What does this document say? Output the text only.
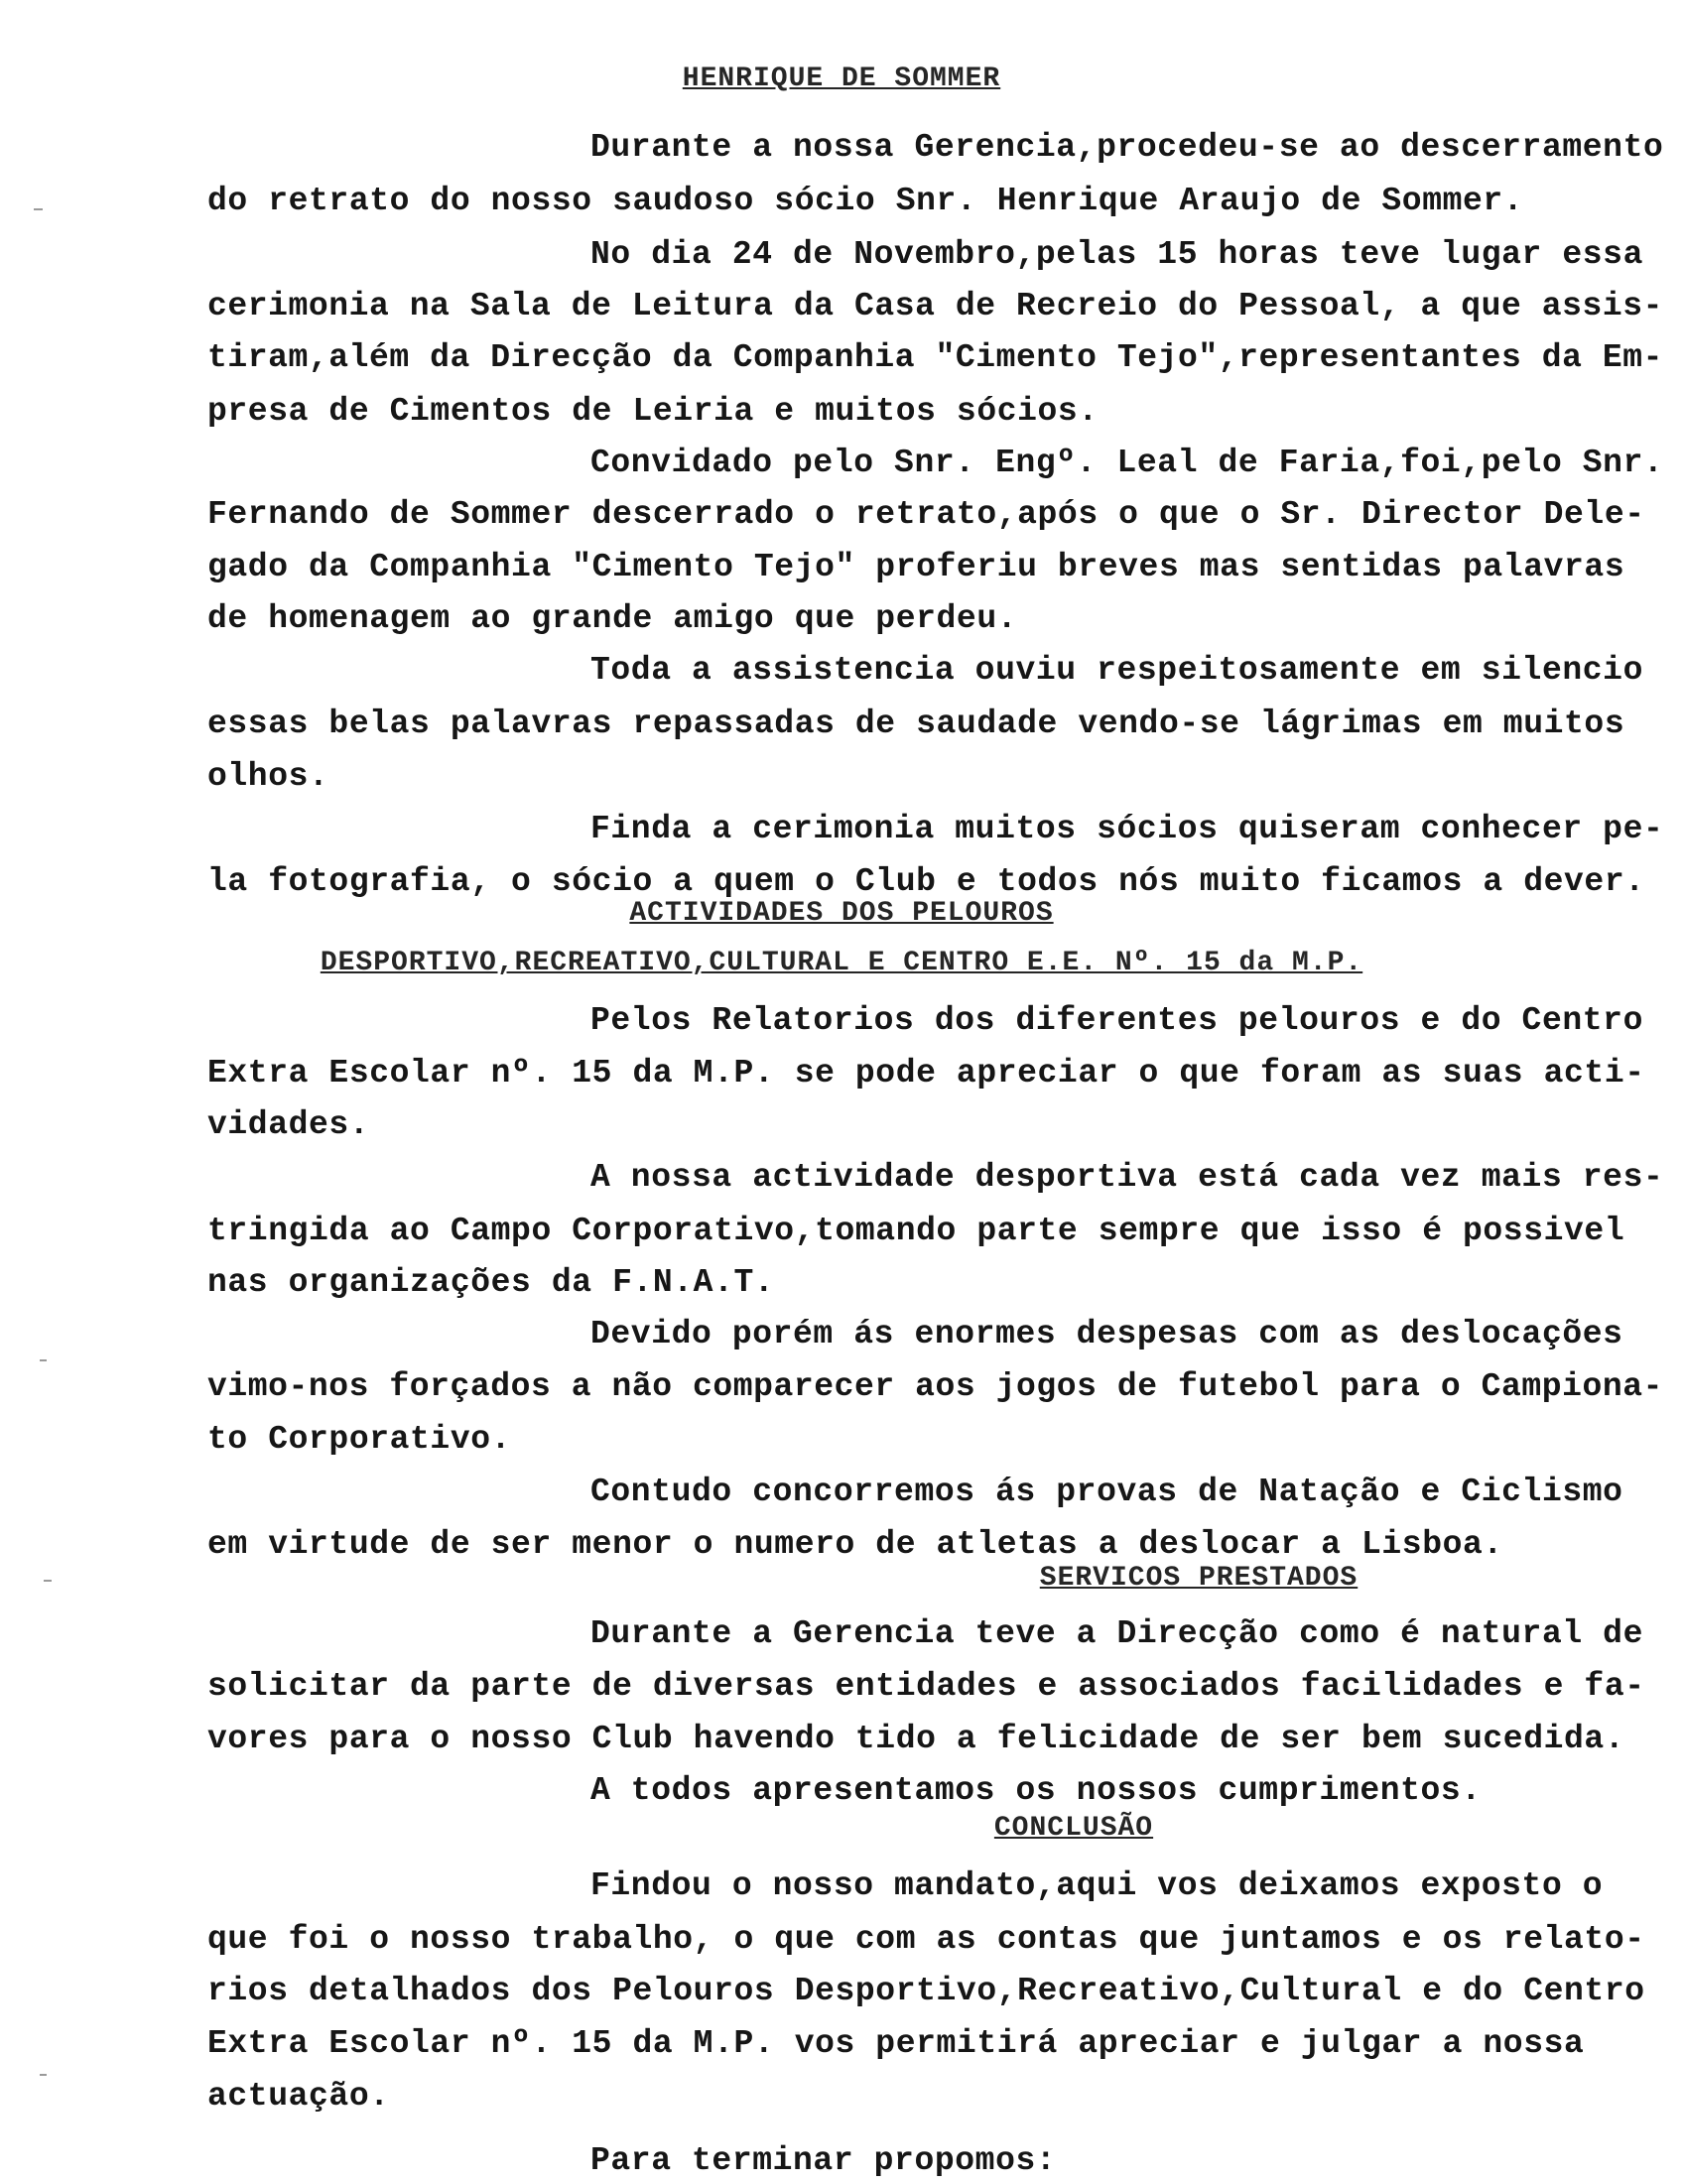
HENRIQUE DE SOMMER
Durante a nossa Gerencia,procedeu-se ao descerramento
do retrato do nosso saudoso sócio Snr. Henrique Araujo de Sommer.
No dia 24 de Novembro,pelas 15 horas teve lugar essa
cerimonia na Sala de Leitura da Casa de Recreio do Pessoal, a que assis-
tiram,além da Direcção da Companhia "Cimento Tejo",representantes da Em-
presa de Cimentos de Leiria e muitos sócios.
Convidado pelo Snr. Engº. Leal de Faria,foi,pelo Snr.
Fernando de Sommer descerrado o retrato,após o que o Sr. Director Dele-
gado da Companhia "Cimento Tejo" proferiu breves mas sentidas palavras
de homenagem ao grande amigo que perdeu.
Toda a assistencia ouviu respeitosamente em silencio
essas belas palavras repassadas de saudade vendo-se lágrimas em muitos
olhos.
Finda a cerimonia muitos sócios quiseram conhecer pe-
la fotografia, o sócio a quem o Club e todos nós muito ficamos a dever.
ACTIVIDADES DOS PELOUROS
DESPORTIVO,RECREATIVO,CULTURAL E CENTRO E.E. Nº. 15 da M.P.
Pelos Relatorios dos diferentes pelouros e do Centro
Extra Escolar nº. 15 da M.P. se pode apreciar o que foram as suas acti-
vidades.
A nossa actividade desportiva está cada vez mais res-
tringida ao Campo Corporativo,tomando parte sempre que isso é possivel
nas organizações da F.N.A.T.
Devido porém ás enormes despesas com as deslocações
vimo-nos forçados a não comparecer aos jogos de futebol para o Campiona-
to Corporativo.
Contudo concorremos ás provas de Natação e Ciclismo
em virtude de ser menor o numero de atletas a deslocar a Lisboa.
SERVICOS PRESTADOS
Durante a Gerencia teve a Direcção como é natural de
solicitar da parte de diversas entidades e associados facilidades e fa-
vores para o nosso Club havendo tido a felicidade de ser bem sucedida.
A todos apresentamos os nossos cumprimentos.
CONCLUSÃO
Findou o nosso mandato,aqui vos deixamos exposto o
que foi o nosso trabalho, o que com as contas que juntamos e os relato-
rios detalhados dos Pelouros Desportivo,Recreativo,Cultural e do Centro
Extra Escolar nº. 15 da M.P. vos permitirá apreciar e julgar a nossa
actuação.
Para terminar propomos:
